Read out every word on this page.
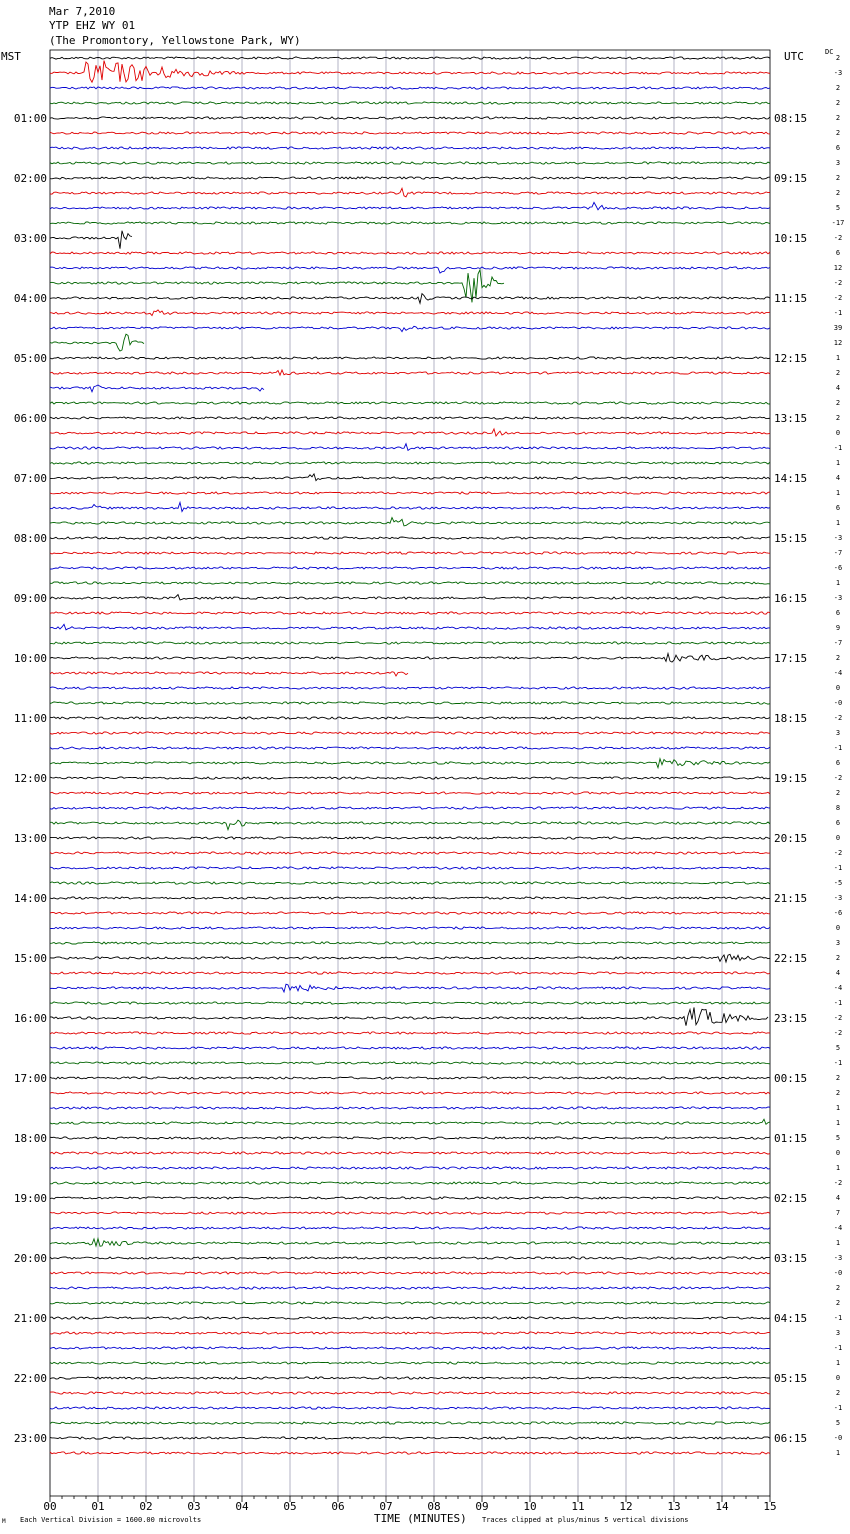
Mar 7,2010
YTP EHZ WY 01
(The Promontory, Yellowstone Park, WY)
MST	UTC	DC
2
-3
2
2
2
2
6
3
2
2
5
-17
-2
6
12
-2
-2
-1
39
12
1
2
4
2
2
0
-1
1
4
1
6
1
-3
-7
-6
1
-3
6
9
-7
2
-4
0
-0
-2
3
-1
6
-2
2
8
6
0
-2
-1
-5
-3
-6
0
3
2
4
-4
-1
-2
-2
5
-1
2
2
1
1
5
0
1
-2
4
7
-4
1
-3
-0
2
2
-1
3
-1
1
0
2
-1
5
-0
1
01:00	08:15
02:00	09:15
03:00	10:15
04:00	11:15
05:00	12:15
06:00	13:15
07:00	14:15
08:00	15:15
09:00	16:15
10:00	17:15
11:00	18:15
12:00	19:15
13:00	20:15
14:00	21:15
15:00	22:15
16:00	23:15
17:00	00:15
18:00	01:15
19:00	02:15
20:00	03:15
21:00	04:15
22:00	05:15
23:00	06:15
00	01	02	03	04	05	06	07	08	09	10	11	12	13	14	15
M Each Vertical Division = 1600.00 microvolts	TIME (MINUTES) Traces clipped at plus/minus 5 vertical divisions
